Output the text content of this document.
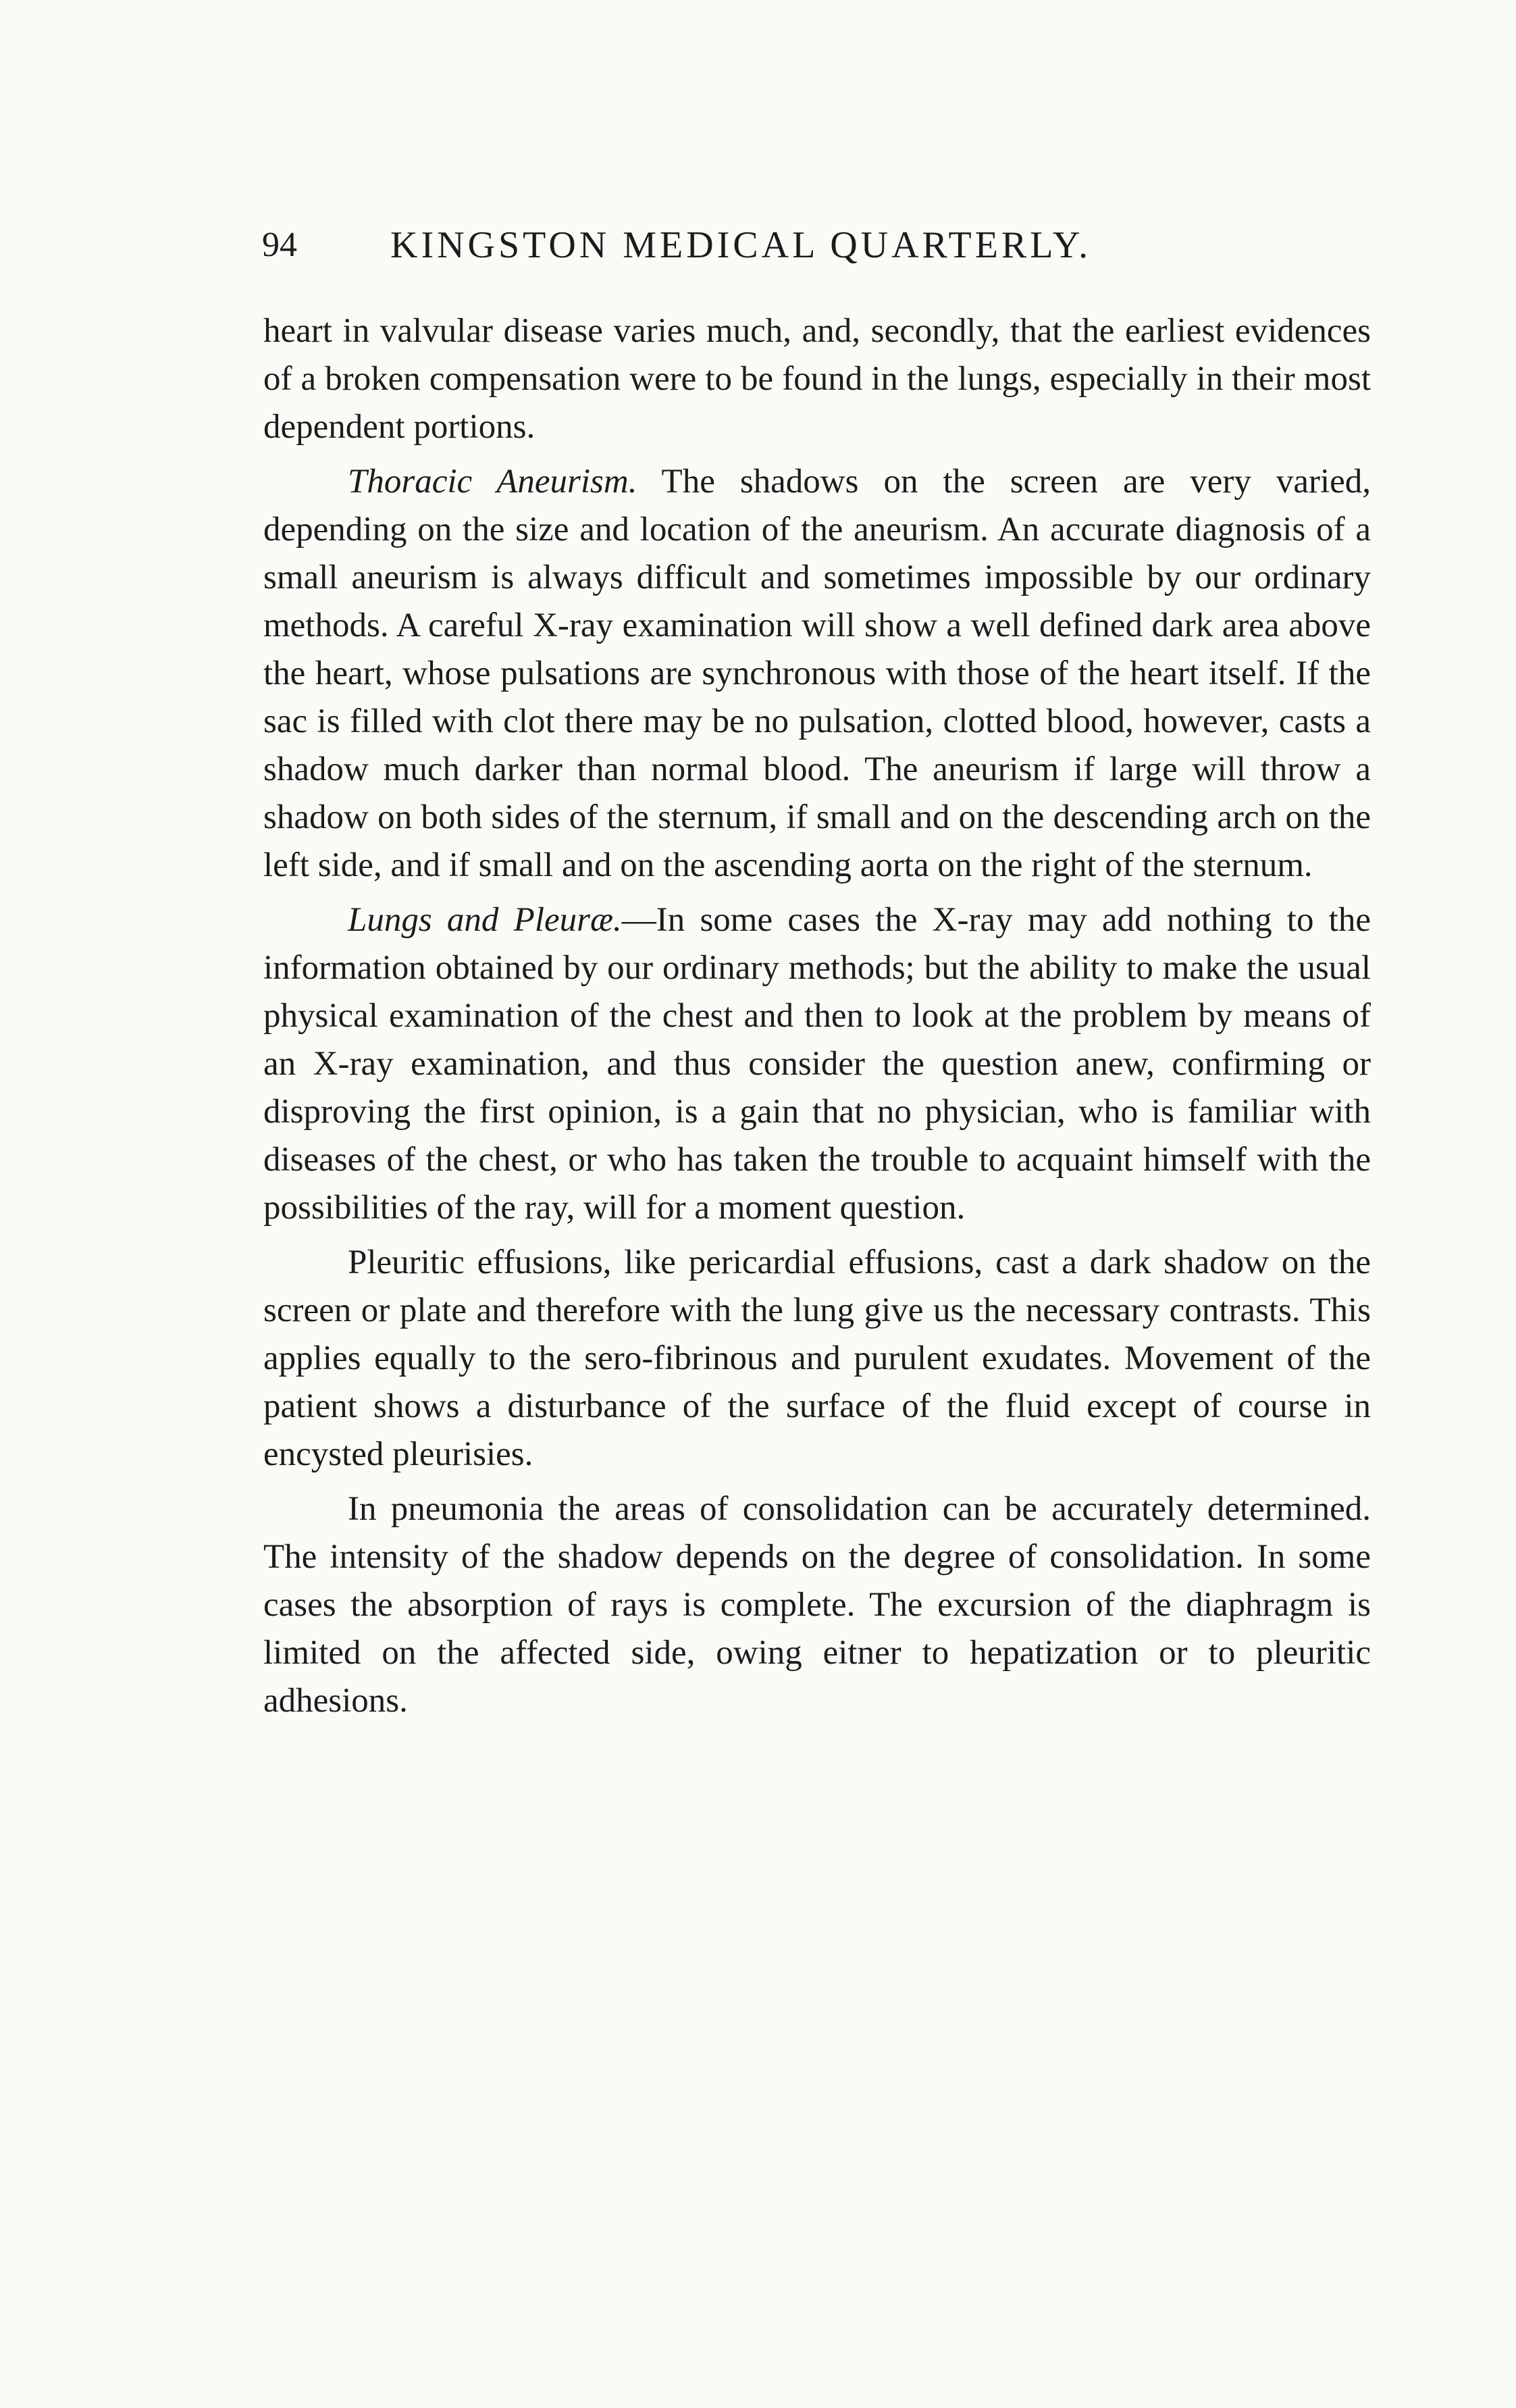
94 KINGSTON MEDICAL QUARTERLY.

heart in valvular disease varies much, and, secondly, that the earliest evidences of a broken compensation were to be found in the lungs, especially in their most dependent portions.

Thoracic Aneurism. The shadows on the screen are very varied, depending on the size and location of the aneurism. An accurate diagnosis of a small aneurism is always difficult and sometimes impossible by our ordinary methods. A careful X-ray examination will show a well defined dark area above the heart, whose pulsations are synchronous with those of the heart itself. If the sac is filled with clot there may be no pulsation, clotted blood, however, casts a shadow much darker than normal blood. The aneurism if large will throw a shadow on both sides of the sternum, if small and on the descending arch on the left side, and if small and on the ascending aorta on the right of the sternum.

Lungs and Pleuræ.—In some cases the X-ray may add nothing to the information obtained by our ordinary methods; but the ability to make the usual physical examination of the chest and then to look at the problem by means of an X-ray examination, and thus consider the question anew, confirming or disproving the first opinion, is a gain that no physician, who is familiar with diseases of the chest, or who has taken the trouble to acquaint himself with the possibilities of the ray, will for a moment question.

Pleuritic effusions, like pericardial effusions, cast a dark shadow on the screen or plate and therefore with the lung give us the necessary contrasts. This applies equally to the sero-fibrinous and purulent exudates. Movement of the patient shows a disturbance of the surface of the fluid except of course in encysted pleurisies.

In pneumonia the areas of consolidation can be accurately determined. The intensity of the shadow depends on the degree of consolidation. In some cases the absorption of rays is complete. The excursion of the diaphragm is limited on the affected side, owing eitner to hepatization or to pleuritic adhesions.
